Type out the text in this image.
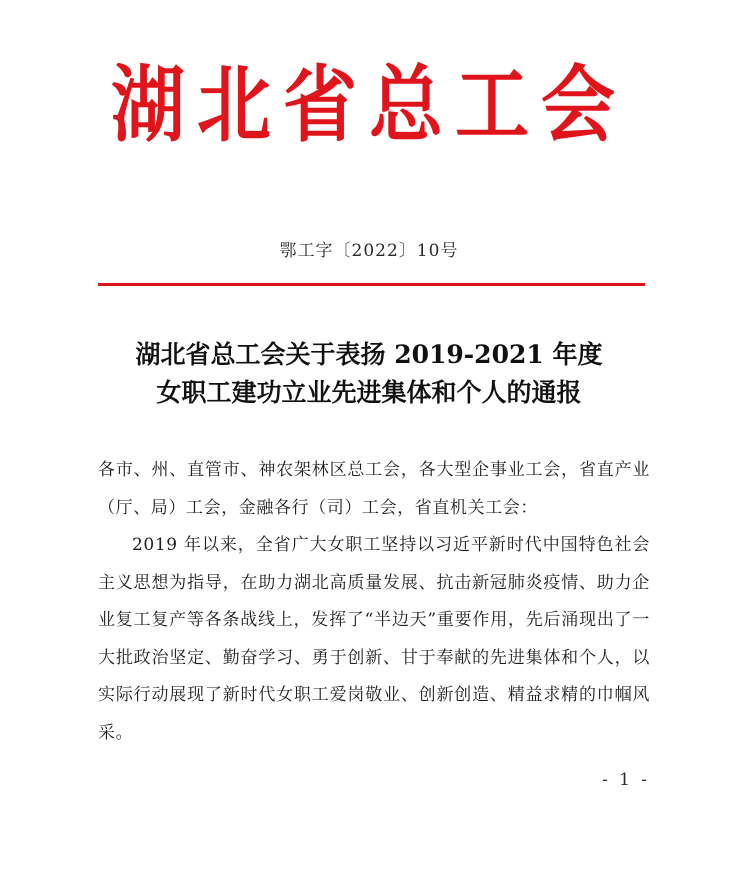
湖北省总工会
鄂工字〔2022〕10号
湖北省总工会关于表扬 2019-2021 年度
女职工建功立业先进集体和个人的通报

各市、州、直管市、神农架林区总工会，各大型企事业工会，省直产业（厅、局）工会，金融各行（司）工会，省直机关工会：

2019 年以来，全省广大女职工坚持以习近平新时代中国特色社会主义思想为指导，在助力湖北高质量发展、抗击新冠肺炎疫情、助力企业复工复产等各条战线上，发挥了“半边天”重要作用，先后涌现出了一大批政治坚定、勤奋学习、勇于创新、甘于奉献的先进集体和个人，以实际行动展现了新时代女职工爱岗敬业、创新创造、精益求精的巾帼风采。

- 1 -
